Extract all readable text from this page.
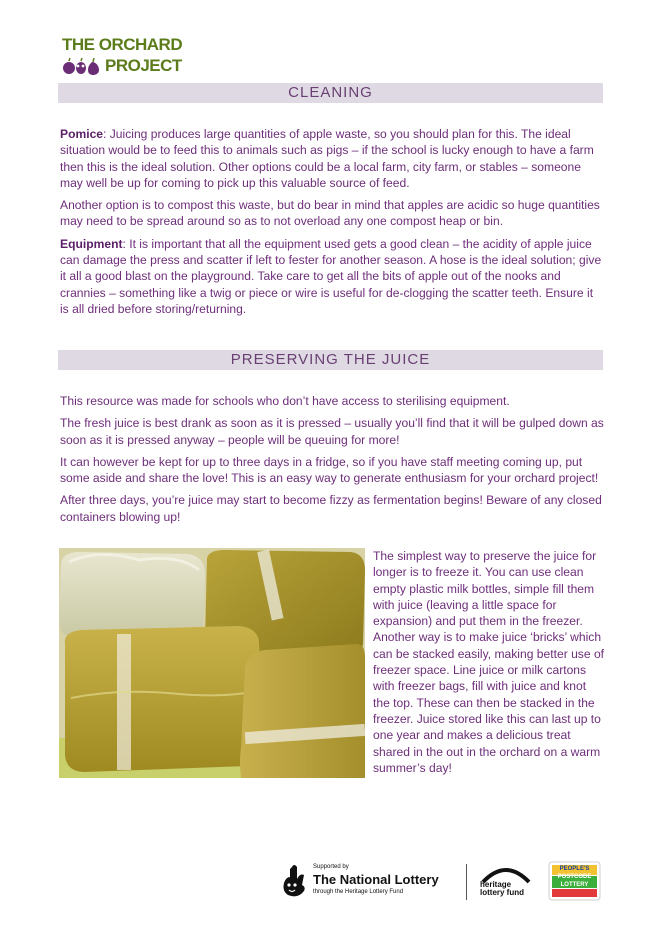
THE ORCHARD
PROJECT
CLEANING

Pomice: Juicing produces large quantities of apple waste, so you should plan for this. The ideal situation would be to feed this to animals such as pigs – if the school is lucky enough to have a farm then this is the ideal solution. Other options could be a local farm, city farm, or stables – someone may well be up for coming to pick up this valuable source of feed.

Another option is to compost this waste, but do bear in mind that apples are acidic so huge quantities may need to be spread around so as to not overload any one compost heap or bin.

Equipment: It is important that all the equipment used gets a good clean – the acidity of apple juice can damage the press and scatter if left to fester for another season. A hose is the ideal solution; give it all a good blast on the playground. Take care to get all the bits of apple out of the nooks and crannies – something like a twig or piece or wire is useful for de-clogging the scatter teeth. Ensure it is all dried before storing/returning.

PRESERVING THE JUICE

This resource was made for schools who don’t have access to sterilising equipment.

The fresh juice is best drank as soon as it is pressed – usually you’ll find that it will be gulped down as soon as it is pressed anyway – people will be queuing for more!

It can however be kept for up to three days in a fridge, so if you have staff meeting coming up, put some aside and share the love! This is an easy way to generate enthusiasm for your orchard project!

After three days, you’re juice may start to become fizzy as fermentation begins! Beware of any closed containers blowing up!

The simplest way to preserve the juice for longer is to freeze it. You can use clean empty plastic milk bottles, simple fill them with juice (leaving a little space for expansion) and put them in the freezer. Another way is to make juice ‘bricks’ which can be stacked easily, making better use of freezer space. Line juice or milk cartons with freezer bags, fill with juice and knot the top. These can then be stacked in the freezer. Juice stored like this can last up to one year and makes a delicious treat shared in the out in the orchard on a warm summer’s day!

Supported by
The National Lottery
through the Heritage Lottery Fund
heritage
lottery fund
PEOPLE'S
POSTCODE
LOTTERY
